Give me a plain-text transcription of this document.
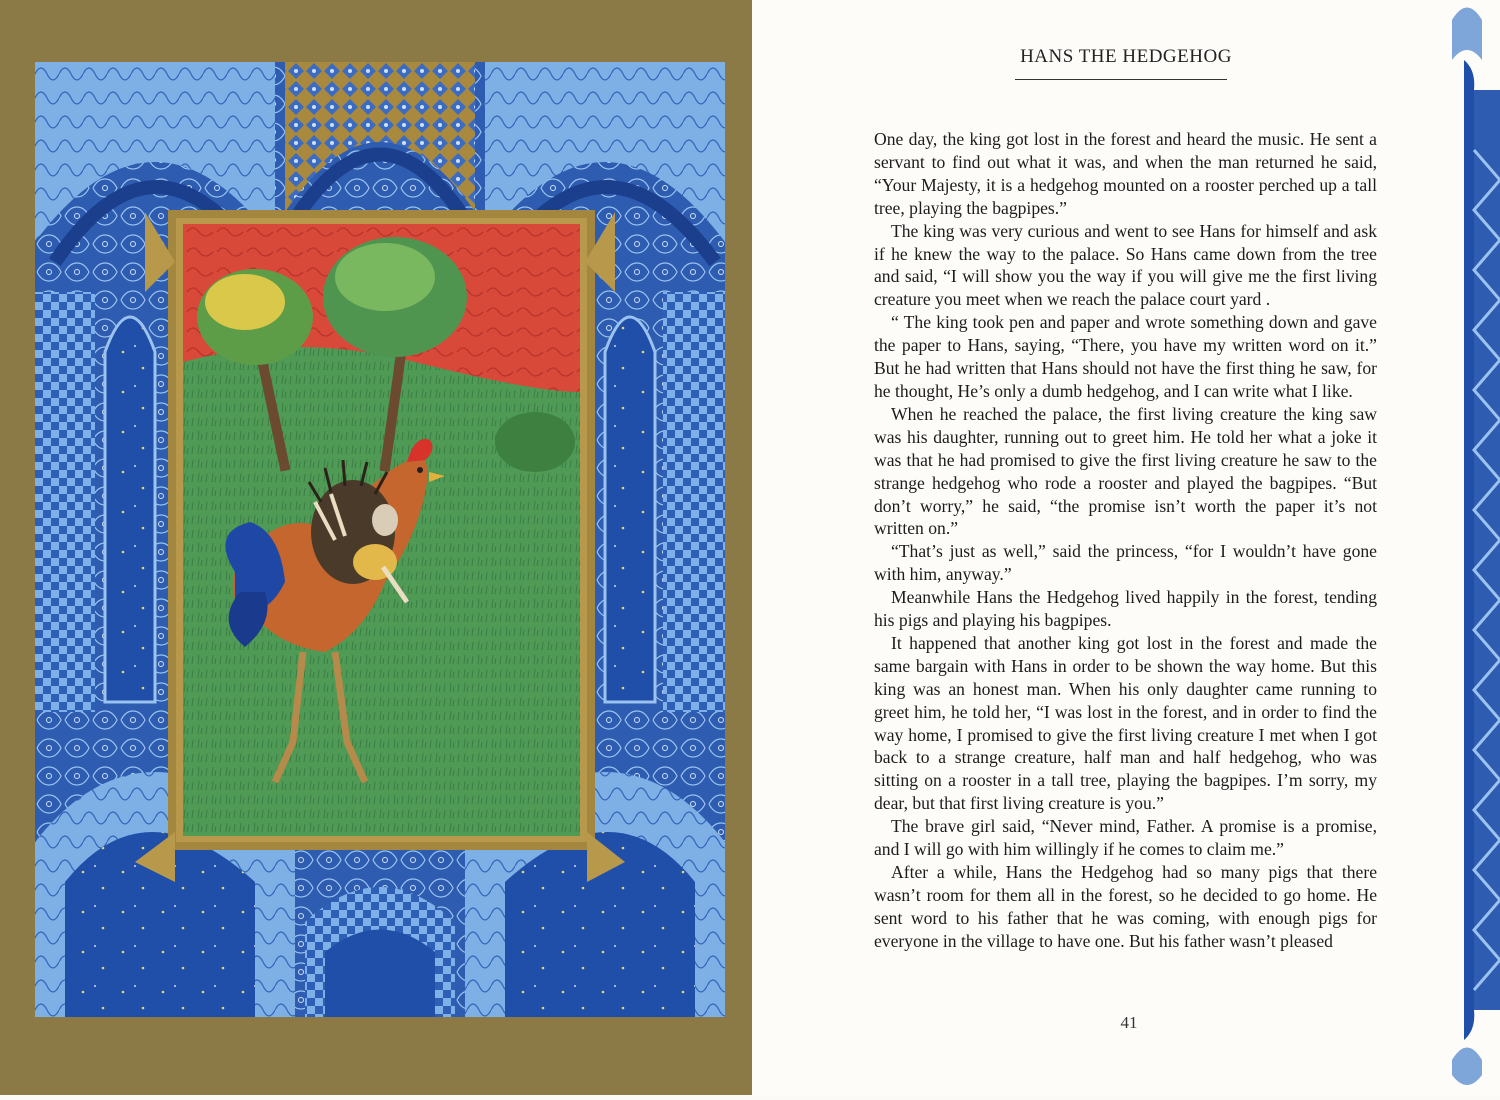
HANS THE HEDGEHOG

One day, the king got lost in the forest and heard the music. He sent a servant to find out what it was, and when the man returned he said, “Your Majesty, it is a hedgehog mounted on a rooster perched up a tall tree, playing the bagpipes.”

The king was very curious and went to see Hans for himself and ask if he knew the way to the palace. So Hans came down from the tree and said, “I will show you the way if you will give me the first living creature you meet when we reach the palace court yard .

“ The king took pen and paper and wrote something down and gave the paper to Hans, saying, “There, you have my written word on it.” But he had written that Hans should not have the first thing he saw, for he thought, He’s only a dumb hedgehog, and I can write what I like.

When he reached the palace, the first living creature the king saw was his daughter, running out to greet him. He told her what a joke it was that he had promised to give the first living creature he saw to the strange hedgehog who rode a rooster and played the bagpipes. “But don’t worry,” he said, “the promise isn’t worth the paper it’s not written on.”

“That’s just as well,” said the princess, “for I wouldn’t have gone with him, anyway.”

Meanwhile Hans the Hedgehog lived happily in the forest, tending his pigs and playing his bagpipes.

It happened that another king got lost in the forest and made the same bargain with Hans in order to be shown the way home. But this king was an honest man. When his only daughter came running to greet him, he told her, “I was lost in the forest, and in order to find the way home, I promised to give the first living creature I met when I got back to a strange creature, half man and half hedgehog, who was sitting on a rooster in a tall tree, playing the bagpipes. I’m sorry, my dear, but that first living creature is you.”

The brave girl said, “Never mind, Father. A promise is a promise, and I will go with him willingly if he comes to claim me.”

After a while, Hans the Hedgehog had so many pigs that there wasn’t room for them all in the forest, so he decided to go home. He sent word to his father that he was coming, with enough pigs for everyone in the village to have one. But his father wasn’t pleased

41
